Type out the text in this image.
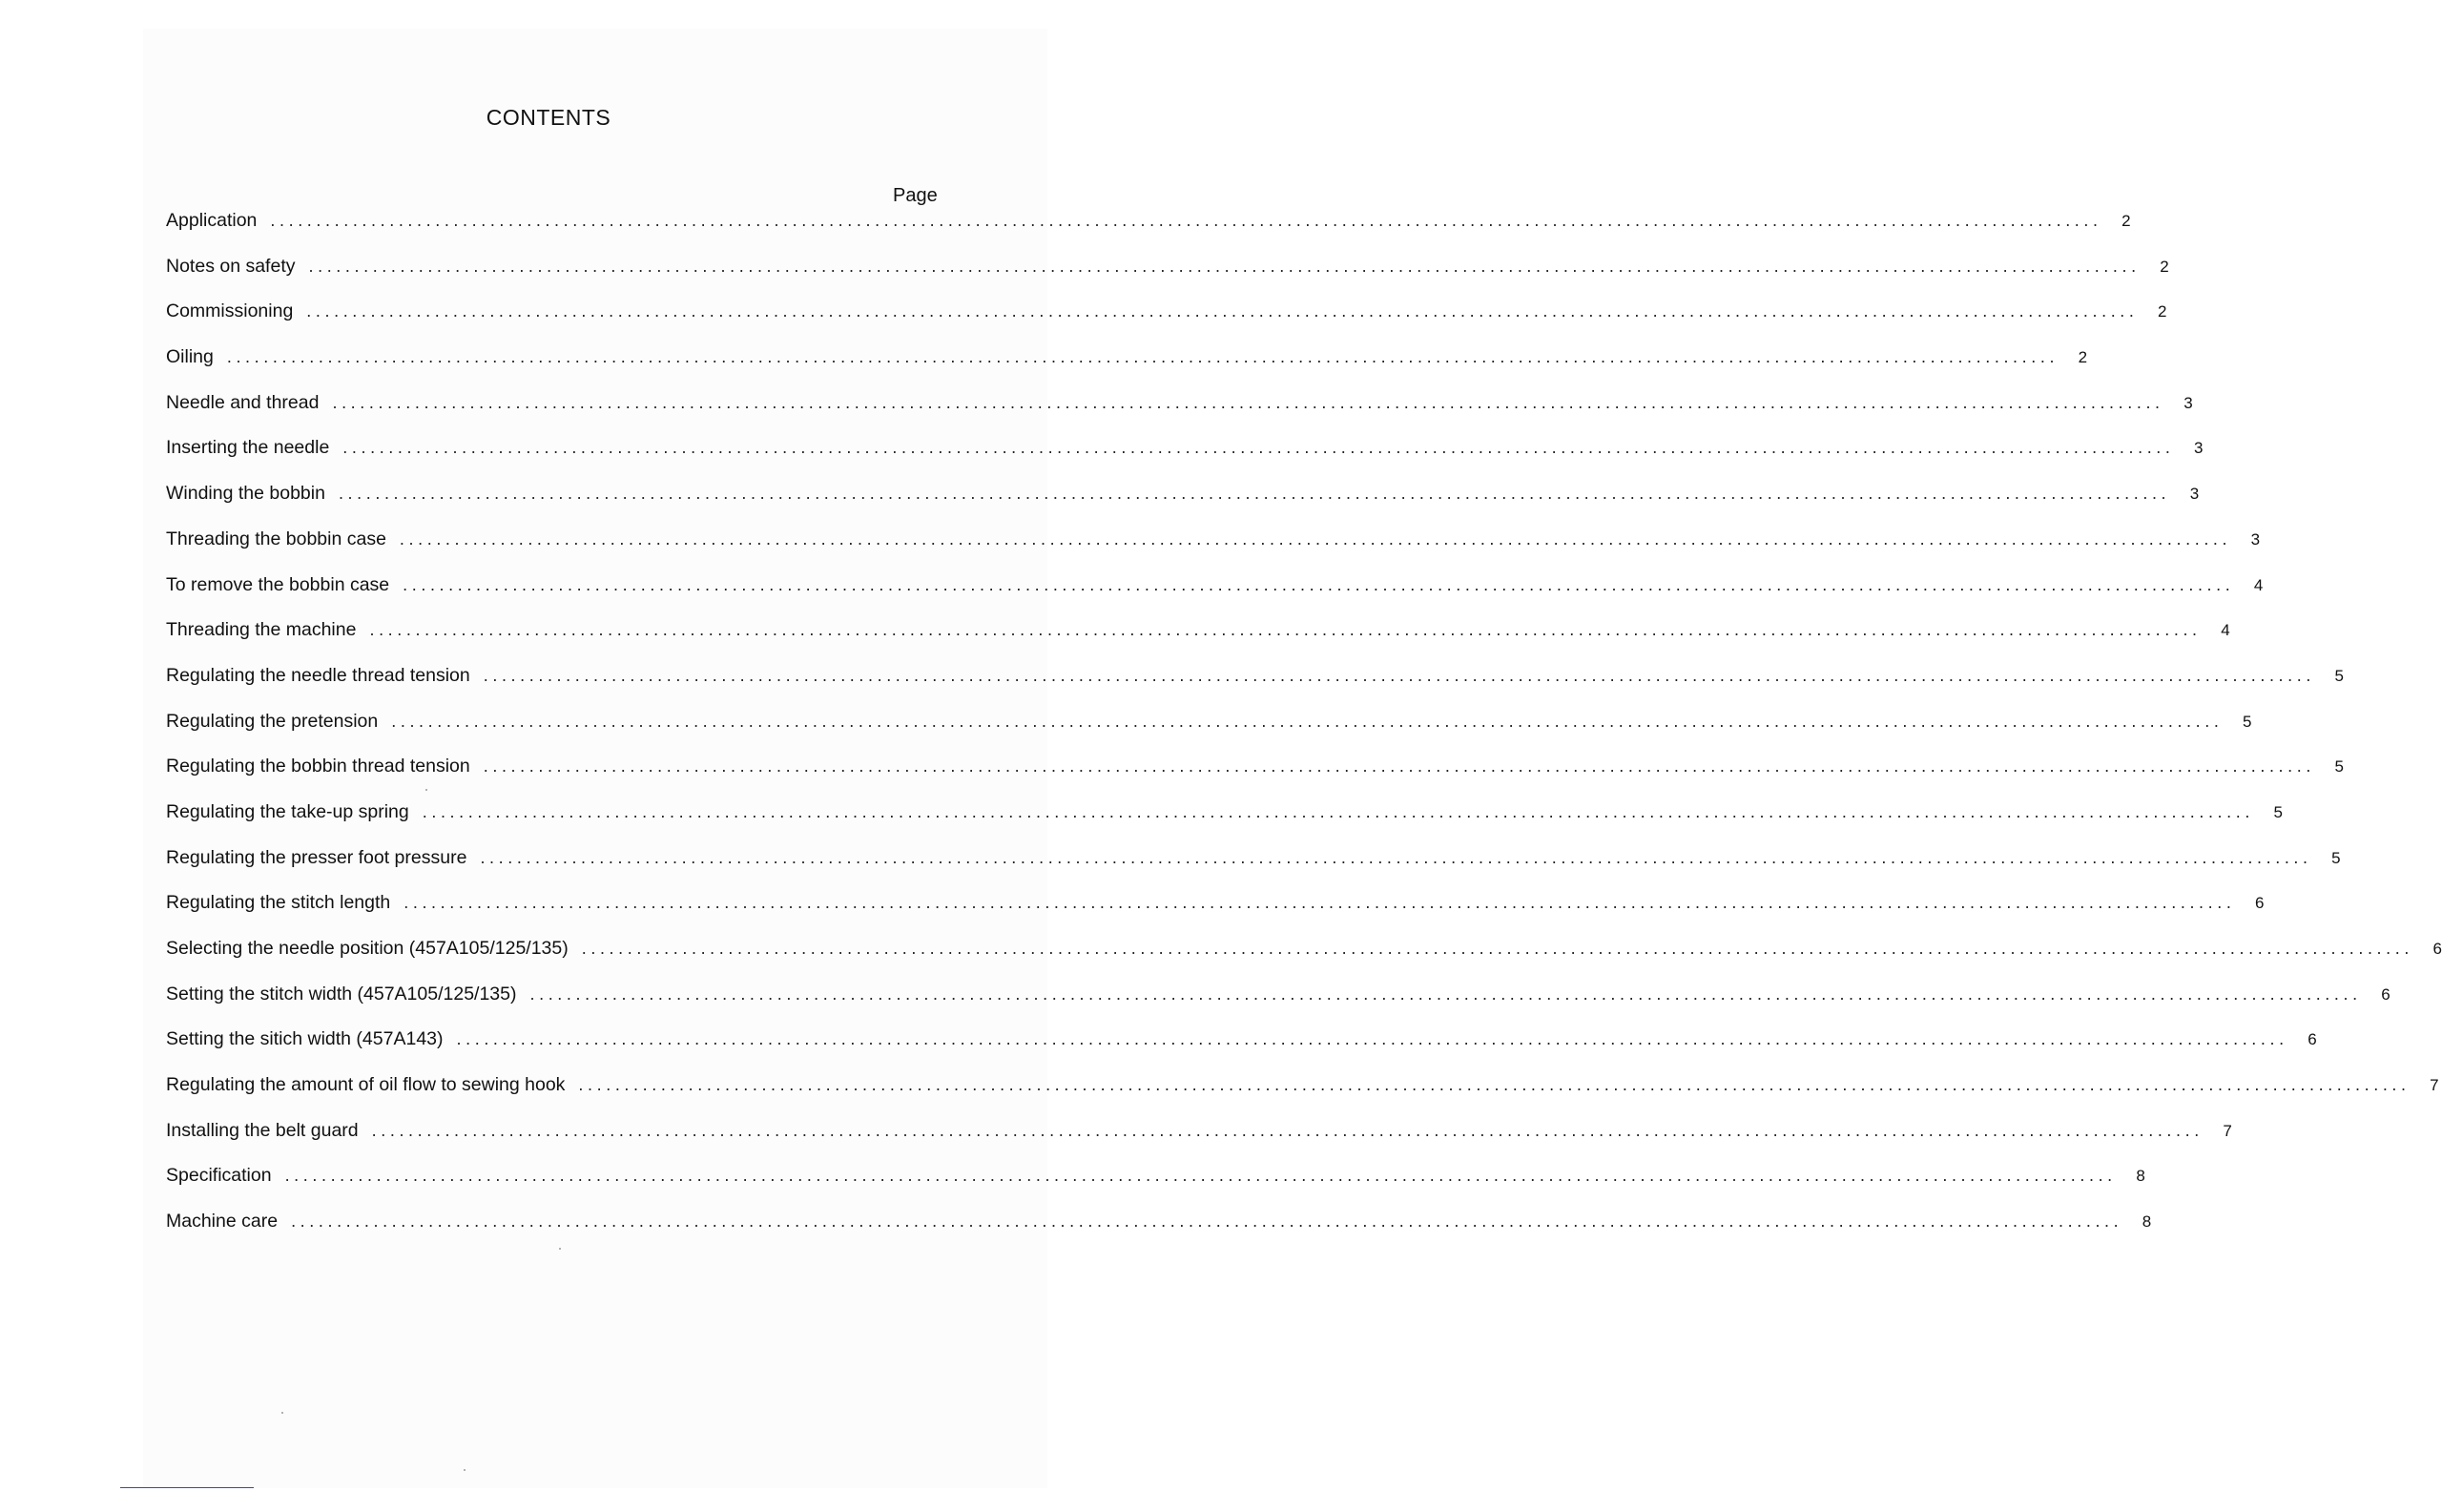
CONTENTS
Page
Application ........................................................................................................................................................................................................	2
Notes on safety ........................................................................................................................................................................................................	2
Commissioning ........................................................................................................................................................................................................	2
Oiling ........................................................................................................................................................................................................	2
Needle and thread ........................................................................................................................................................................................................	3
Inserting the needle ........................................................................................................................................................................................................	3
Winding the bobbin ........................................................................................................................................................................................................	3
Threading the bobbin case ........................................................................................................................................................................................................	3
To remove the bobbin case ........................................................................................................................................................................................................	4
Threading the machine ........................................................................................................................................................................................................	4
Regulating the needle thread tension ........................................................................................................................................................................................................	5
Regulating the pretension ........................................................................................................................................................................................................	5
Regulating the bobbin thread tension ........................................................................................................................................................................................................	5
Regulating the take-up spring ........................................................................................................................................................................................................	5
Regulating the presser foot pressure ........................................................................................................................................................................................................	5
Regulating the stitch length ........................................................................................................................................................................................................	6
Selecting the needle position (457A105/125/135) ........................................................................................................................................................................................................	6
Setting the stitch width (457A105/125/135) ........................................................................................................................................................................................................	6
Setting the sitich width (457A143) ........................................................................................................................................................................................................	6
Regulating the amount of oil flow to sewing hook ........................................................................................................................................................................................................	7
Installing the belt guard ........................................................................................................................................................................................................	7
Specification ........................................................................................................................................................................................................	8
Machine care ........................................................................................................................................................................................................	8
